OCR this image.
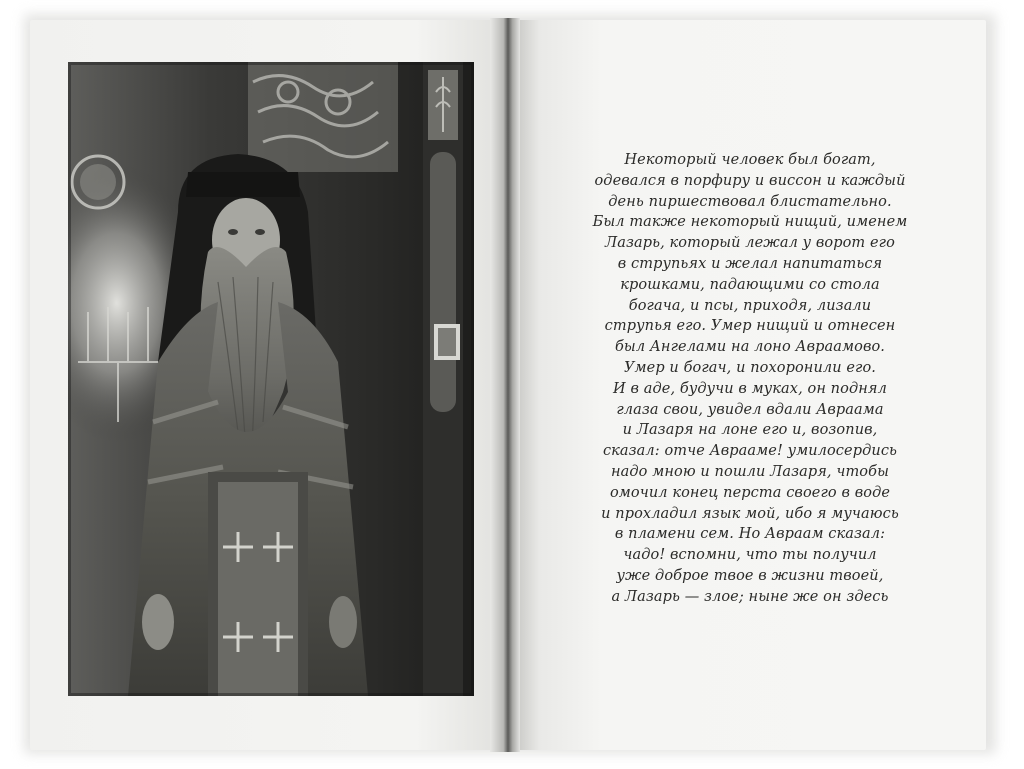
Некоторый человек был богат,
одевался в порфиру и виссон и каждый
день пиршествовал блистательно.
Был также некоторый нищий, именем
Лазарь, который лежал у ворот его
в струпьях и желал напитаться
крошками, падающими со стола
богача, и псы, приходя, лизали
струпья его. Умер нищий и отнесен
был Ангелами на лоно Авраамово.
Умер и богач, и похоронили его.
И в аде, будучи в муках, он поднял
глаза свои, увидел вдали Авраама
и Лазаря на лоне его и, возопив,
сказал: отче Аврааме! умилосердись
надо мною и пошли Лазаря, чтобы
омочил конец перста своего в воде
и прохладил язык мой, ибо я мучаюсь
в пламени сем. Но Авраам сказал:
чадо! вспомни, что ты получил
уже доброе твое в жизни твоей,
а Лазарь — злое; ныне же он здесь
